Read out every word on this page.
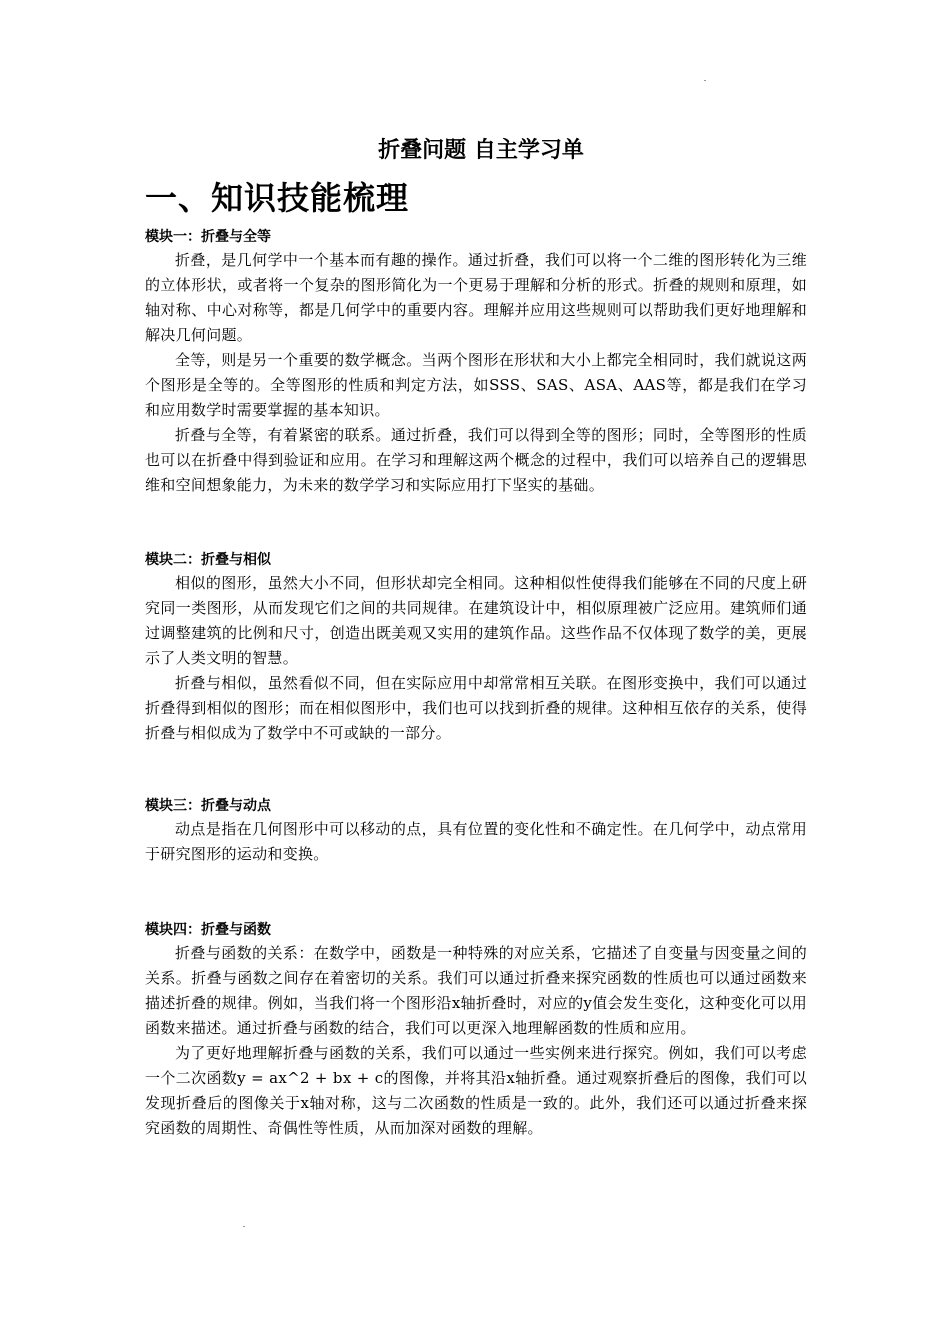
折叠问题 自主学习单
一、知识技能梳理
模块一：折叠与全等

折叠，是几何学中一个基本而有趣的操作。通过折叠，我们可以将一个二维的图形转化为三维的立体形状，或者将一个复杂的图形简化为一个更易于理解和分析的形式。折叠的规则和原理，如轴对称、中心对称等，都是几何学中的重要内容。理解并应用这些规则可以帮助我们更好地理解和解决几何问题。

全等，则是另一个重要的数学概念。当两个图形在形状和大小上都完全相同时，我们就说这两个图形是全等的。全等图形的性质和判定方法，如SSS、SAS、ASA、AAS等，都是我们在学习和应用数学时需要掌握的基本知识。

折叠与全等，有着紧密的联系。通过折叠，我们可以得到全等的图形；同时，全等图形的性质也可以在折叠中得到验证和应用。在学习和理解这两个概念的过程中，我们可以培养自己的逻辑思维和空间想象能力，为未来的数学学习和实际应用打下坚实的基础。

模块二：折叠与相似

相似的图形，虽然大小不同，但形状却完全相同。这种相似性使得我们能够在不同的尺度上研究同一类图形，从而发现它们之间的共同规律。在建筑设计中，相似原理被广泛应用。建筑师们通过调整建筑的比例和尺寸，创造出既美观又实用的建筑作品。这些作品不仅体现了数学的美，更展示了人类文明的智慧。

折叠与相似，虽然看似不同，但在实际应用中却常常相互关联。在图形变换中，我们可以通过折叠得到相似的图形；而在相似图形中，我们也可以找到折叠的规律。这种相互依存的关系，使得折叠与相似成为了数学中不可或缺的一部分。

模块三：折叠与动点

动点是指在几何图形中可以移动的点，具有位置的变化性和不确定性。在几何学中，动点常用于研究图形的运动和变换。

模块四：折叠与函数

折叠与函数的关系：在数学中，函数是一种特殊的对应关系，它描述了自变量与因变量之间的关系。折叠与函数之间存在着密切的关系。我们可以通过折叠来探究函数的性质也可以通过函数来描述折叠的规律。例如，当我们将一个图形沿x轴折叠时，对应的y值会发生变化，这种变化可以用函数来描述。通过折叠与函数的结合，我们可以更深入地理解函数的性质和应用。

为了更好地理解折叠与函数的关系，我们可以通过一些实例来进行探究。例如，我们可以考虑一个二次函数y = ax^2 + bx + c的图像，并将其沿x轴折叠。通过观察折叠后的图像，我们可以发现折叠后的图像关于x轴对称，这与二次函数的性质是一致的。此外，我们还可以通过折叠来探究函数的周期性、奇偶性等性质，从而加深对函数的理解。
